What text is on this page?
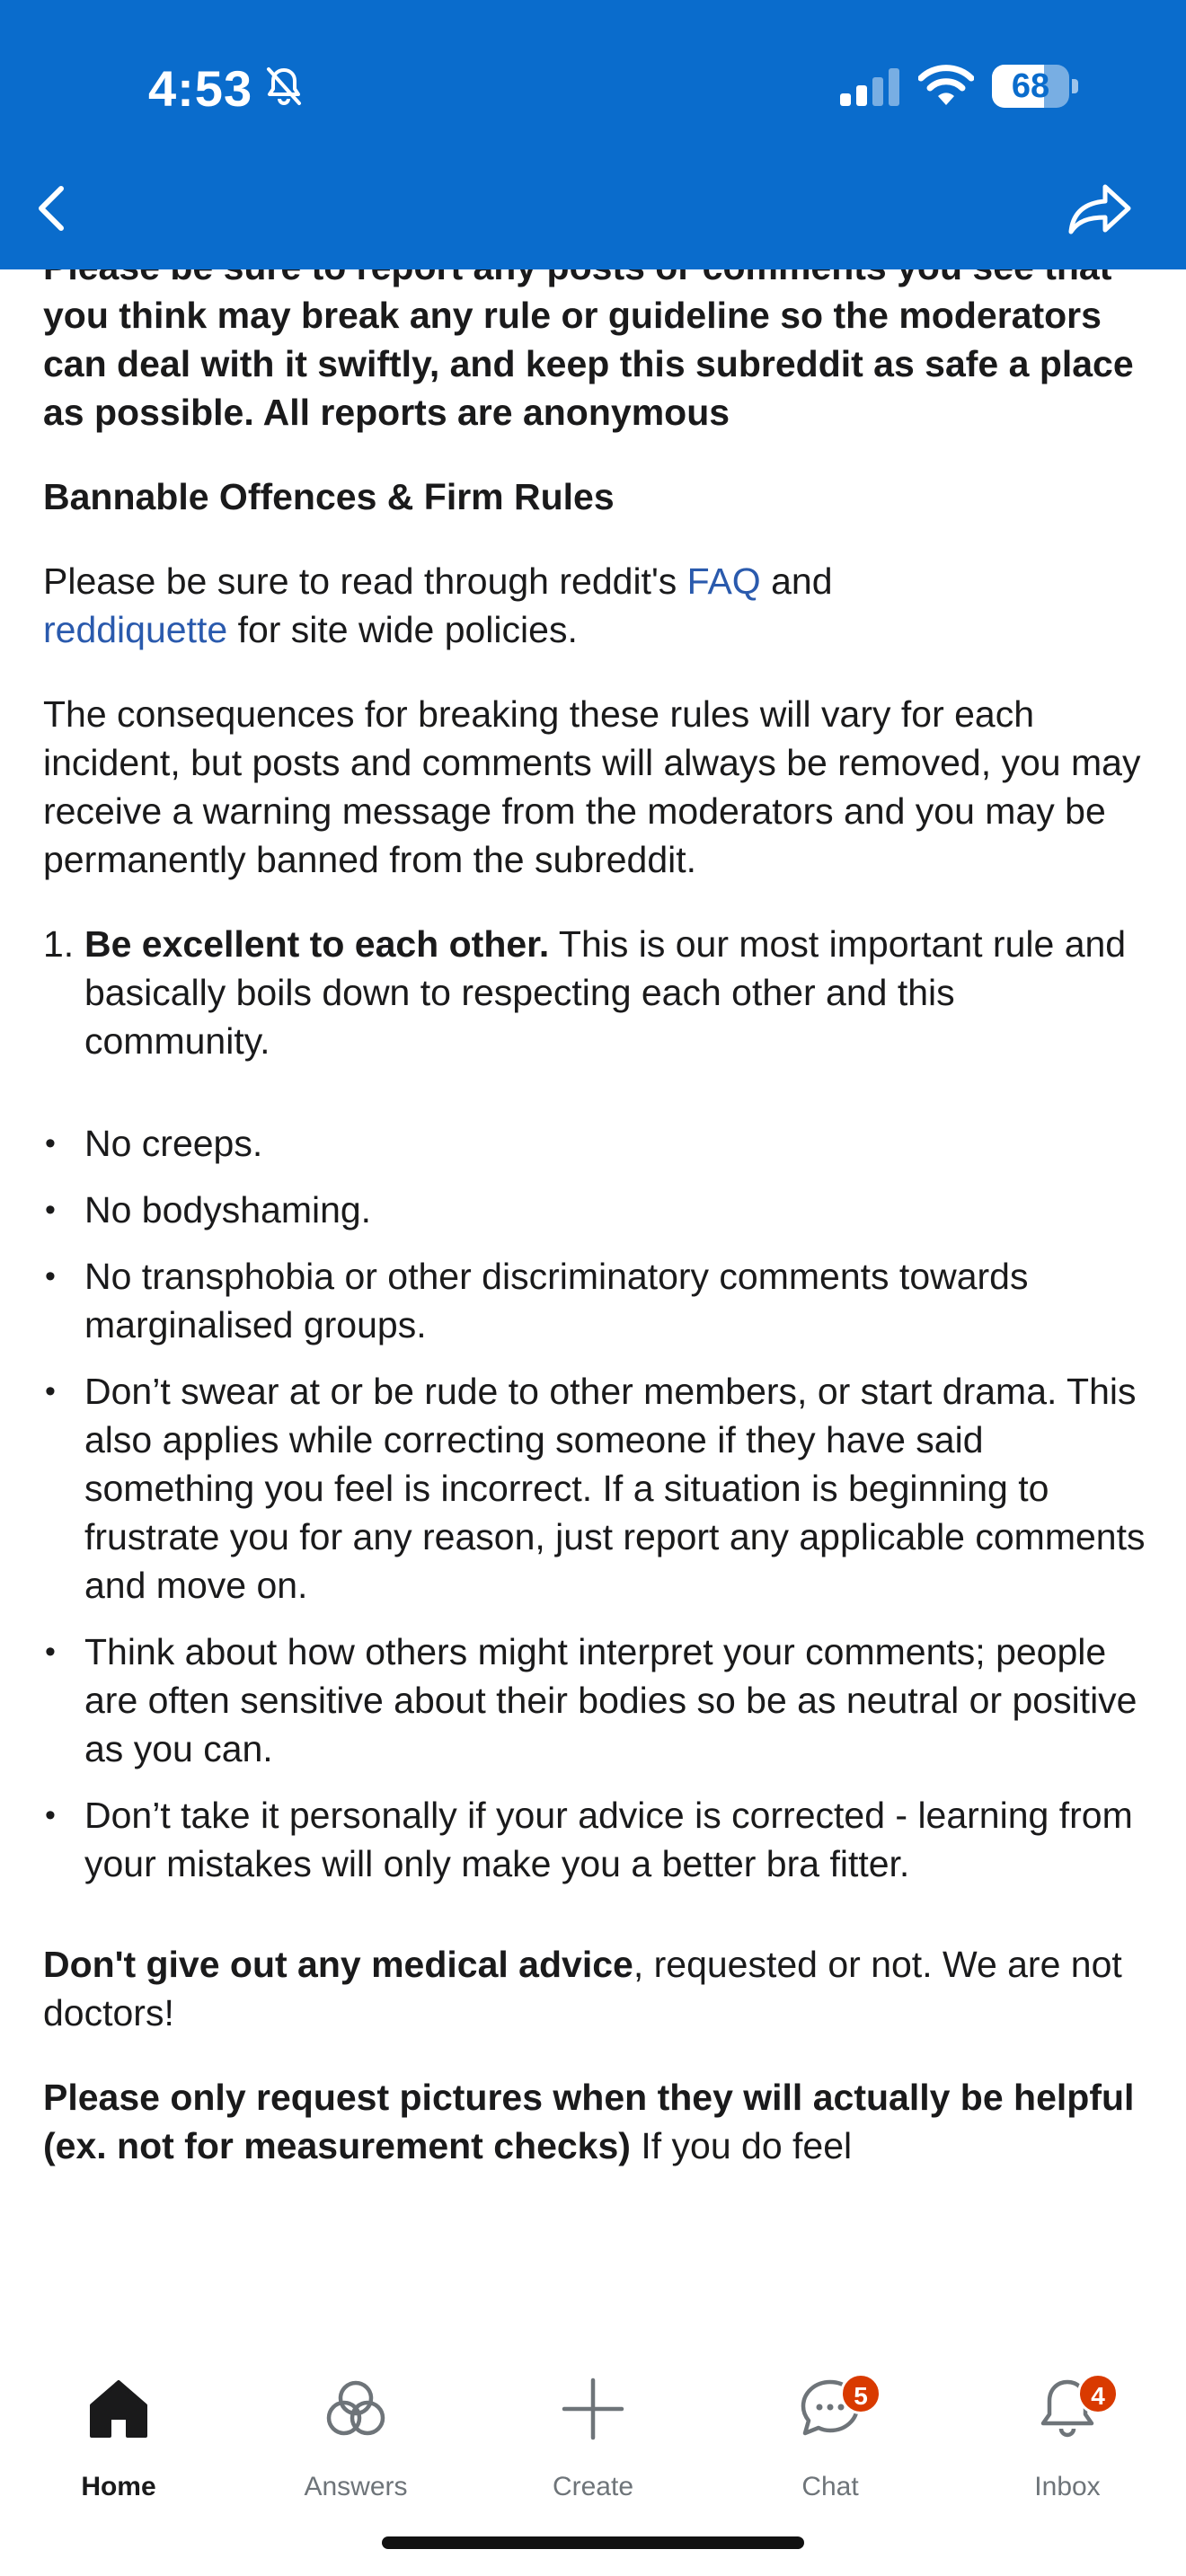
4:53	68

you think may break any rule or guideline so the moderators can deal with it swiftly, and keep this subreddit as safe a place as possible. All reports are anonymous

Bannable Offences & Firm Rules

Please be sure to read through reddit's FAQ and
reddiquette for site wide policies.

The consequences for breaking these rules will vary for each incident, but posts and comments will always be removed, you may receive a warning message from the moderators and you may be permanently banned from the subreddit.

1. Be excellent to each other. This is our most important rule and basically boils down to respecting each other and this community.
• No creeps.
• No bodyshaming.
• No transphobia or other discriminatory comments towards marginalised groups.
• Don’t swear at or be rude to other members, or start drama. This also applies while correcting someone if they have said something you feel is incorrect. If a situation is beginning to frustrate you for any reason, just report any applicable comments and move on.
• Think about how others might interpret your comments; people are often sensitive about their bodies so be as neutral or positive as you can.
• Don’t take it personally if your advice is corrected - learning from your mistakes will only make you a better bra fitter.

Don't give out any medical advice, requested or not. We are not doctors!

Please only request pictures when they will actually be helpful (ex. not for measurement checks) If you do feel

Home	Answers	Create
5
Chat
4
Inbox
